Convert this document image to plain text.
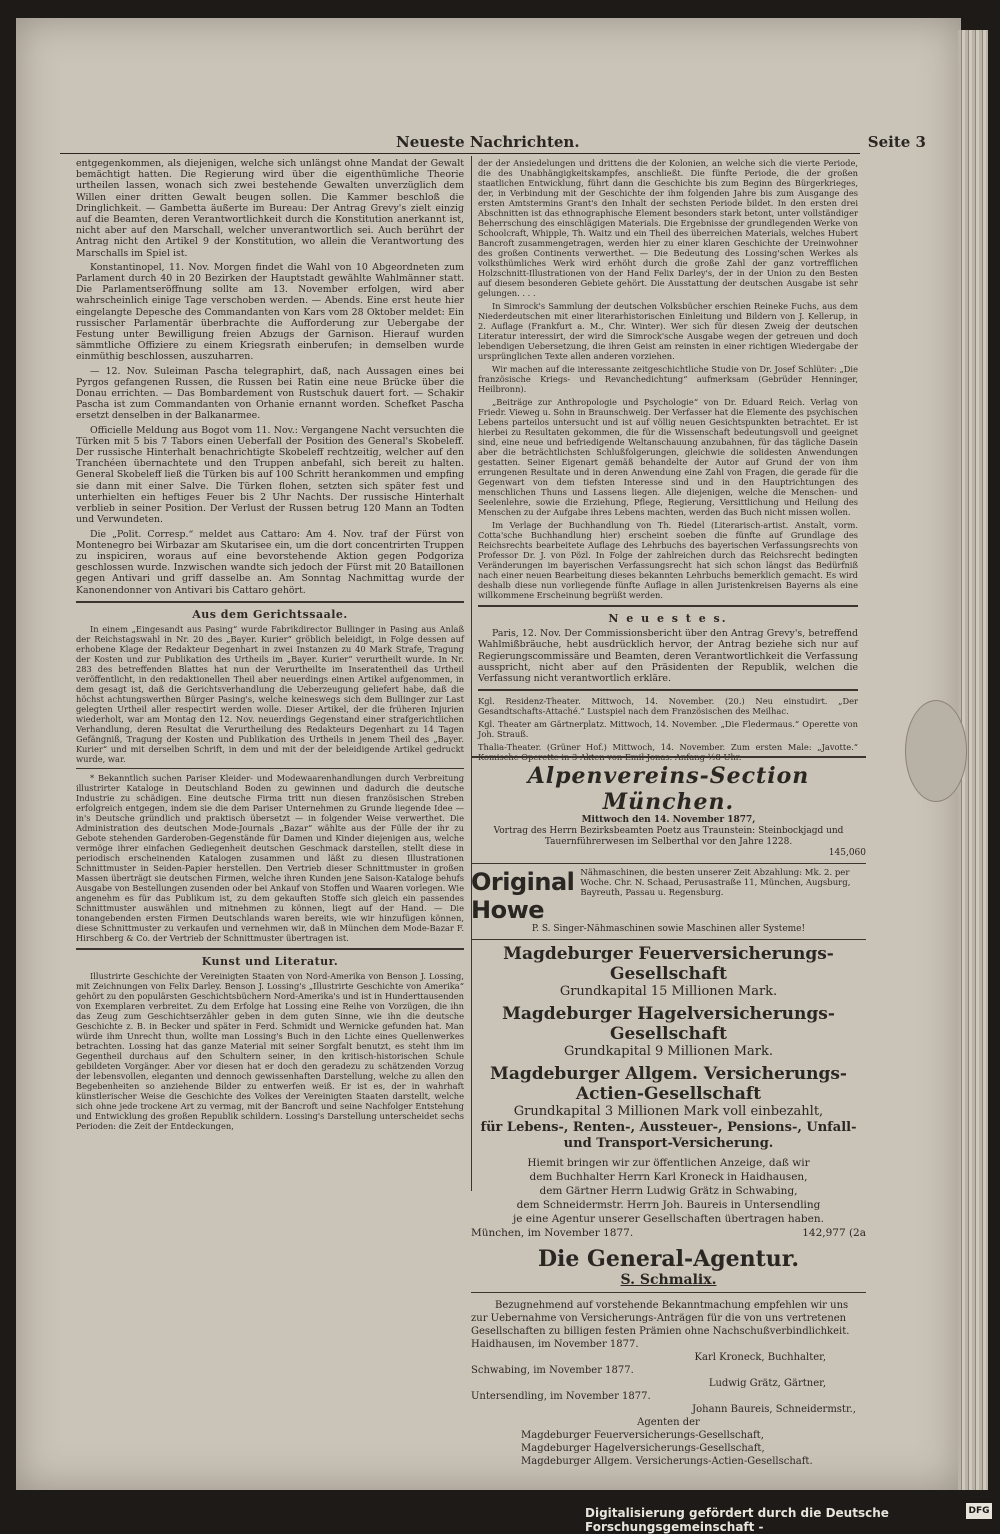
Neueste Nachrichten.	Seite 3

entgegenkommen, als diejenigen, welche sich unlängst ohne Mandat der Gewalt bemächtigt hatten. Die Regierung wird über die eigenthümliche Theorie urtheilen lassen, wonach sich zwei bestehende Gewalten unverzüglich dem Willen einer dritten Gewalt beugen sollen. Die Kammer beschloß die Dringlichkeit. — Gambetta äußerte im Bureau: Der Antrag Grevy's zielt einzig auf die Beamten, deren Verantwortlichkeit durch die Konstitution anerkannt ist, nicht aber auf den Marschall, welcher unverantwortlich sei. Auch berührt der Antrag nicht den Artikel 9 der Konstitution, wo allein die Verantwortung des Marschalls im Spiel ist.

Konstantinopel, 11. Nov. Morgen findet die Wahl von 10 Abgeordneten zum Parlament durch 40 in 20 Bezirken der Hauptstadt gewählte Wahlmänner statt. Die Parlamentseröffnung sollte am 13. November erfolgen, wird aber wahrscheinlich einige Tage verschoben werden. — Abends. Eine erst heute hier eingelangte Depesche des Commandanten von Kars vom 28 Oktober meldet: Ein russischer Parlamentär überbrachte die Aufforderung zur Uebergabe der Festung unter Bewilligung freien Abzugs der Garnison. Hierauf wurden sämmtliche Offiziere zu einem Kriegsrath einberufen; in demselben wurde einmüthig beschlossen, auszuharren.

— 12. Nov. Suleiman Pascha telegraphirt, daß, nach Aussagen eines bei Pyrgos gefangenen Russen, die Russen bei Ratin eine neue Brücke über die Donau errichten. — Das Bombardement von Rustschuk dauert fort. — Schakir Pascha ist zum Commandanten von Orhanie ernannt worden. Schefket Pascha ersetzt denselben in der Balkanarmee.

Officielle Meldung aus Bogot vom 11. Nov.: Vergangene Nacht versuchten die Türken mit 5 bis 7 Tabors einen Ueberfall der Position des General's Skobeleff. Der russische Hinterhalt benachrichtigte Skobeleff rechtzeitig, welcher auf den Tranchéen übernachtete und den Truppen anbefahl, sich bereit zu halten. General Skobeleff ließ die Türken bis auf 100 Schritt herankommen und empfing sie dann mit einer Salve. Die Türken flohen, setzten sich später fest und unterhielten ein heftiges Feuer bis 2 Uhr Nachts. Der russische Hinterhalt verblieb in seiner Position. Der Verlust der Russen betrug 120 Mann an Todten und Verwundeten.

Die „Polit. Corresp.“ meldet aus Cattaro: Am 4. Nov. traf der Fürst von Montenegro bei Wirbazar am Skutarisee ein, um die dort concentrirten Truppen zu inspiciren, woraus auf eine bevorstehende Aktion gegen Podgoriza geschlossen wurde. Inzwischen wandte sich jedoch der Fürst mit 20 Bataillonen gegen Antivari und griff dasselbe an. Am Sonntag Nachmittag wurde der Kanonendonner von Antivari bis Cattaro gehört.

Aus dem Gerichtssaale.

In einem „Eingesandt aus Pasing“ wurde Fabrikdirector Bullinger in Pasing aus Anlaß der Reichstagswahl in Nr. 20 des „Bayer. Kurier“ gröblich beleidigt, in Folge dessen auf erhobene Klage der Redakteur Degenhart in zwei Instanzen zu 40 Mark Strafe, Tragung der Kosten und zur Publikation des Urtheils im „Bayer. Kurier“ verurtheilt wurde. In Nr. 283 des betreffenden Blattes hat nun der Verurtheilte im Inseratentheil das Urtheil veröffentlicht, in den redaktionellen Theil aber neuerdings einen Artikel aufgenommen, in dem gesagt ist, daß die Gerichtsverhandlung die Ueberzeugung geliefert habe, daß die höchst achtungswerthen Bürger Pasing's, welche keineswegs sich dem Bullinger zur Last gelegten Urtheil aller respectirt werden wolle. Dieser Artikel, der die früheren Injurien wiederholt, war am Montag den 12. Nov. neuerdings Gegenstand einer strafgerichtlichen Verhandlung, deren Resultat die Verurtheilung des Redakteurs Degenhart zu 14 Tagen Gefängniß, Tragung der Kosten und Publikation des Urtheils in jenem Theil des „Bayer. Kurier“ und mit derselben Schrift, in dem und mit der der beleidigende Artikel gedruckt wurde, war.

* Bekanntlich suchen Pariser Kleider- und Modewaarenhandlungen durch Verbreitung illustrirter Kataloge in Deutschland Boden zu gewinnen und dadurch die deutsche Industrie zu schädigen. Eine deutsche Firma tritt nun diesen französischen Streben erfolgreich entgegen, indem sie die dem Pariser Unternehmen zu Grunde liegende Idee — in's Deutsche gründlich und praktisch übersetzt — in folgender Weise verwerthet. Die Administration des deutschen Mode-Journals „Bazar“ wählte aus der Fülle der ihr zu Gebote stehenden Garderoben-Gegenstände für Damen und Kinder diejenigen aus, welche vermöge ihrer einfachen Gediegenheit deutschen Geschmack darstellen, stellt diese in periodisch erscheinenden Katalogen zusammen und läßt zu diesen Illustrationen Schnittmuster in Seiden-Papier herstellen. Den Vertrieb dieser Schnittmuster in großen Massen überträgt sie deutschen Firmen, welche ihren Kunden jene Saison-Kataloge behufs Ausgabe von Bestellungen zusenden oder bei Ankauf von Stoffen und Waaren vorlegen. Wie angenehm es für das Publikum ist, zu dem gekauften Stoffe sich gleich ein passendes Schnittmuster auswählen und mitnehmen zu können, liegt auf der Hand. — Die tonangebenden ersten Firmen Deutschlands waren bereits, wie wir hinzufügen können, diese Schnittmuster zu verkaufen und vernehmen wir, daß in München dem Mode-Bazar F. Hirschberg & Co. der Vertrieb der Schnittmuster übertragen ist.

Kunst und Literatur.

Illustrirte Geschichte der Vereinigten Staaten von Nord-Amerika von Benson J. Lossing, mit Zeichnungen von Felix Darley. Benson J. Lossing's „Illustrirte Geschichte von Amerika“ gehört zu den populärsten Geschichtsbüchern Nord-Amerika's und ist in Hunderttausenden von Exemplaren verbreitet. Zu dem Erfolge hat Lossing eine Reihe von Vorzügen, die ihn das Zeug zum Geschichtserzähler geben in dem guten Sinne, wie ihn die deutsche Geschichte z. B. in Becker und später in Ferd. Schmidt und Wernicke gefunden hat. Man würde ihm Unrecht thun, wollte man Lossing's Buch in den Lichte eines Quellenwerkes betrachten. Lossing hat das ganze Material mit seiner Sorgfalt benutzt, es steht ihm im Gegentheil durchaus auf den Schultern seiner, in den kritisch-historischen Schule gebildeten Vorgänger. Aber vor diesen hat er doch den geradezu zu schätzenden Vorzug der lebensvollen, eleganten und dennoch gewissenhaften Darstellung, welche zu allen den Begebenheiten so anziehende Bilder zu entwerfen weiß. Er ist es, der in wahrhaft künstlerischer Weise die Geschichte des Volkes der Vereinigten Staaten darstellt, welche sich ohne jede trockene Art zu vermag, mit der Bancroft und seine Nachfolger Entstehung und Entwicklung des großen Republik schildern. Lossing's Darstellung unterscheidet sechs Perioden: die Zeit der Entdeckungen,

der der Ansiedelungen und drittens die der Kolonien, an welche sich die vierte Periode, die des Unabhängigkeitskampfes, anschließt. Die fünfte Periode, die der großen staatlichen Entwicklung, führt dann die Geschichte bis zum Beginn des Bürgerkrieges, der, in Verbindung mit der Geschichte der ihm folgenden Jahre bis zum Ausgange des ersten Amtstermins Grant's den Inhalt der sechsten Periode bildet. In den ersten drei Abschnitten ist das ethnographische Element besonders stark betont, unter vollständiger Beherrschung des einschlägigen Materials. Die Ergebnisse der grundlegenden Werke von Schoolcraft, Whipple, Th. Waitz und ein Theil des überreichen Materials, welches Hubert Bancroft zusammengetragen, werden hier zu einer klaren Geschichte der Ureinwohner des großen Continents verwerthet. — Die Bedeutung des Lossing'schen Werkes als volksthümliches Werk wird erhöht durch die große Zahl der ganz vortrefflichen Holzschnitt-Illustrationen von der Hand Felix Darley's, der in der Union zu den Besten auf diesem besonderen Gebiete gehört. Die Ausstattung der deutschen Ausgabe ist sehr gelungen. . . .

In Simrock's Sammlung der deutschen Volksbücher erschien Reineke Fuchs, aus dem Niederdeutschen mit einer literarhistorischen Einleitung und Bildern von J. Kellerup, in 2. Auflage (Frankfurt a. M., Chr. Winter). Wer sich für diesen Zweig der deutschen Literatur interessirt, der wird die Simrock'sche Ausgabe wegen der getreuen und doch lebendigen Uebersetzung, die ihren Geist am reinsten in einer richtigen Wiedergabe der ursprünglichen Texte allen anderen vorziehen.

Wir machen auf die interessante zeitgeschichtliche Studie von Dr. Josef Schlüter: „Die französische Kriegs- und Revanchedichtung“ aufmerksam (Gebrüder Henninger, Heilbronn).

„Beiträge zur Anthropologie und Psychologie“ von Dr. Eduard Reich. Verlag von Friedr. Vieweg u. Sohn in Braunschweig. Der Verfasser hat die Elemente des psychischen Lebens parteilos untersucht und ist auf völlig neuen Gesichtspunkten betrachtet. Er ist hierbei zu Resultaten gekommen, die für die Wissenschaft bedeutungsvoll und geeignet sind, eine neue und befriedigende Weltanschauung anzubahnen, für das tägliche Dasein aber die beträchtlichsten Schlußfolgerungen, gleichwie die solidesten Anwendungen gestatten. Seiner Eigenart gemäß behandelte der Autor auf Grund der von ihm errungenen Resultate und in deren Anwendung eine Zahl von Fragen, die gerade für die Gegenwart von dem tiefsten Interesse sind und in den Hauptrichtungen des menschlichen Thuns und Lassens liegen. Alle diejenigen, welche die Menschen- und Seelenlehre, sowie die Erziehung, Pflege, Regierung, Versittlichung und Heilung des Menschen zu der Aufgabe ihres Lebens machten, werden das Buch nicht missen wollen.

Im Verlage der Buchhandlung von Th. Riedel (Literarisch-artist. Anstalt, vorm. Cotta'sche Buchhandlung hier) erscheint soeben die fünfte auf Grundlage des Reichsrechts bearbeitete Auflage des Lehrbuchs des bayerischen Verfassungsrechts von Professor Dr. J. von Pözl. In Folge der zahlreichen durch das Reichsrecht bedingten Veränderungen im bayerischen Verfassungsrecht hat sich schon längst das Bedürfniß nach einer neuen Bearbeitung dieses bekannten Lehrbuchs bemerklich gemacht. Es wird deshalb diese nun vorliegende fünfte Auflage in allen Juristenkreisen Bayerns als eine willkommene Erscheinung begrüßt werden.

N e u e s t e s.

Paris, 12. Nov. Der Commissionsbericht über den Antrag Grevy's, betreffend Wahlmißbräuche, hebt ausdrücklich hervor, der Antrag beziehe sich nur auf Regierungscommissäre und Beamten, deren Verantwortlichkeit die Verfassung ausspricht, nicht aber auf den Präsidenten der Republik, welchen die Verfassung nicht verantwortlich erkläre.

Kgl. Residenz-Theater. Mittwoch, 14. November. (20.) Neu einstudirt. „Der Gesandtschafts-Attaché.“ Lustspiel nach dem Französischen des Meilhac.

Kgl. Theater am Gärtnerplatz. Mittwoch, 14. November. „Die Fledermaus.“ Operette von Joh. Strauß.

Thalia-Theater. (Grüner Hof.) Mittwoch, 14. November. Zum ersten Male: „Javotte.“ Komische Operette in 3 Akten von Emil Jonas. Anfang ½8 Uhr.

Alpenvereins-Section München.
Mittwoch den 14. November 1877,
Vortrag des Herrn Bezirksbeamten Poetz aus Traunstein: Steinbockjagd und Tauernführerwesen im Selberthal vor den Jahre 1228.
145,060
Original Howe
Nähmaschinen, die besten unserer Zeit Abzahlung: Mk. 2. per Woche. Chr. N. Schaad, Perusastraße 11, München, Augsburg, Bayreuth, Passau u. Regensburg.
P. S. Singer-Nähmaschinen sowie Maschinen aller Systeme!
Magdeburger Feuerversicherungs-Gesellschaft
Grundkapital 15 Millionen Mark.
Magdeburger Hagelversicherungs-Gesellschaft
Grundkapital 9 Millionen Mark.
Magdeburger Allgem. Versicherungs-Actien-Gesellschaft
Grundkapital 3 Millionen Mark voll einbezahlt,
für Lebens-, Renten-, Aussteuer-, Pensions-, Unfall- und Transport-Versicherung.
Hiemit bringen wir zur öffentlichen Anzeige, daß wir
dem Buchhalter Herrn Karl Kroneck in Haidhausen,
dem Gärtner Herrn Ludwig Grätz in Schwabing,
dem Schneidermstr. Herrn Joh. Baureis in Untersendling
je eine Agentur unserer Gesellschaften übertragen haben.
München, im November 1877.	142,977 (2a
Die General-Agentur.
S. Schmalix.
Bezugnehmend auf vorstehende Bekanntmachung empfehlen wir uns zur Uebernahme von Versicherungs-Anträgen für die von uns vertretenen Gesellschaften zu billigen festen Prämien ohne Nachschußverbindlichkeit.
Haidhausen, im November 1877.
Karl Kroneck, Buchhalter,
Schwabing, im November 1877.
Ludwig Grätz, Gärtner,
Untersendling, im November 1877.
Johann Baureis, Schneidermstr.,
Agenten der
Magdeburger Feuerversicherungs-Gesellschaft,
Magdeburger Hagelversicherungs-Gesellschaft,
Magdeburger Allgem. Versicherungs-Actien-Gesellschaft.
Digitalisierung gefördert durch die Deutsche Forschungsgemeinschaft -
DFG
